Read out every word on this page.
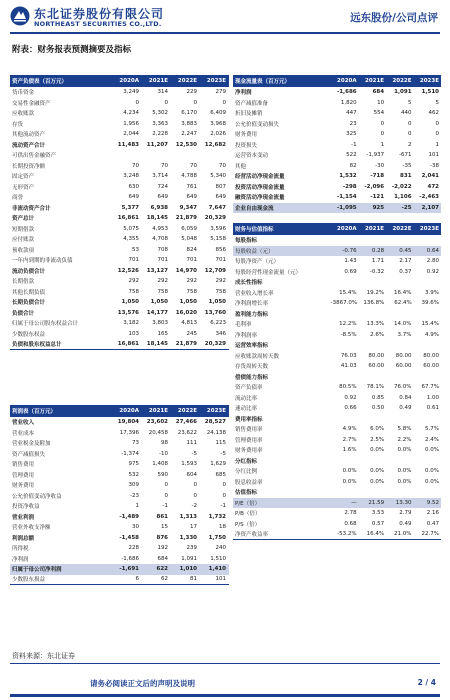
东北证券股份有限公司
NORTHEAST SECURITIES CO.,LTD.	远东股份/公司点评
附表：财务报表预测摘要及指标
资产负债表（百万元）	2020A	2021E	2022E	2023E
货币资金	3,249	314	229	279
交易性金融资产	0	0	0	0
应收账款	4,234	5,302	6,170	6,409
存货	1,956	3,363	3,883	3,968
其他流动资产	2,044	2,228	2,247	2,026
流动资产合计	11,483	11,207	12,530	12,682
可供出售金融资产
长期投资净额	70	70	70	70
固定资产	3,248	3,714	4,788	5,340
无形资产	630	724	761	807
商誉	649	649	649	649
非流动资产合计	5,377	6,938	9,347	7,647
资产总计	16,861	18,145	21,879	20,329
短期借款	5,075	4,953	6,059	3,596
应付账款	4,355	4,708	5,048	5,158
预收款项	53	708	824	856
一年内到期的非流动负债	701	701	701	701
流动负债合计	12,526	13,127	14,970	12,709
长期借款	292	292	292	292
其他长期负债	758	758	758	758
长期负债合计	1,050	1,050	1,050	1,050
负债合计	13,576	14,177	16,020	13,760
归属于母公司股东权益合计	3,182	3,803	4,813	6,223
少数股东权益	103	165	245	346
负债和股东权益总计	16,861	18,145	21,879	20,329
利润表（百万元）	2020A	2021E	2022E	2023E
营业收入	19,804	23,602	27,466	28,527
营业成本	17,396	20,458	23,622	24,138
营业税金及附加	73	98	111	115
资产减值损失	-1,374	-10	-5	-5
销售费用	975	1,408	1,593	1,629
管理费用	532	590	604	685
财务费用	309	0	0	0
公允价值变动净收益	-23	0	0	0
投资净收益	1	-1	-2	-1
营业利润	-1,489	861	1,313	1,732
营业外收支净额	30	15	17	18
利润总额	-1,458	876	1,330	1,750
所得税	228	192	239	240
净利润	-1,686	684	1,091	1,510
归属于母公司净利润	-1,691	622	1,010	1,410
少数股东损益	6	62	81	101
现金流量表（百万元）	2020A	2021E	2022E	2023E
净利润	-1,686	684	1,091	1,510
资产减值准备	1,820	10	5	5
折旧及摊销	447	554	440	462
公允价值变动损失	23	0	0	0
财务费用	325	0	0	0
投资损失	-1	1	2	1
运营资本变动	522	-1,937	-671	101
其他	82	-30	-35	-38
经营活动净现金流量	1,532	-718	831	2,041
投资活动净现金流量	-298	-2,096	-2,022	472
融资活动净现金流量	-1,154	-121	1,106	-2,463
企业自由现金流	-1,095	925	-25	2,107
财务与估值指标	2020A	2021E	2022E	2023E
每股指标
每股收益（元）	-0.76	0.28	0.45	0.64
每股净资产（元）	1.43	1.71	2.17	2.80
每股经营性现金流量（元）	0.69	-0.32	0.37	0.92
成长性指标
营业收入增长率	15.4%	19.2%	16.4%	3.9%
净利润增长率	-3867.0%	136.8%	62.4%	39.6%
盈利能力指标
毛利率	12.2%	13.3%	14.0%	15.4%
净利润率	-8.5%	2.6%	3.7%	4.9%
运营效率指标
应收账款周转天数	76.03	80.00	80.00	80.00
存货周转天数	41.03	60.00	60.00	60.00
偿债能力指标
资产负债率	80.5%	78.1%	76.0%	67.7%
流动比率	0.92	0.85	0.84	1.00
速动比率	0.66	0.50	0.49	0.61
费用率指标
销售费用率	4.9%	6.0%	5.8%	5.7%
管理费用率	2.7%	2.5%	2.2%	2.4%
财务费用率	1.6%	0.0%	0.0%	0.0%
分红指标
分红比例	0.0%	0.0%	0.0%	0.0%
股息收益率	0.0%	0.0%	0.0%	0.0%
估值指标
P/E（倍）	—	21.59	13.30	9.52
P/B（倍）	2.78	3.53	2.79	2.16
P/S（倍）	0.68	0.57	0.49	0.47
净资产收益率	-53.2%	16.4%	21.0%	22.7%
资料来源：东北证券
请务必阅读正文后的声明及说明	2 / 4
